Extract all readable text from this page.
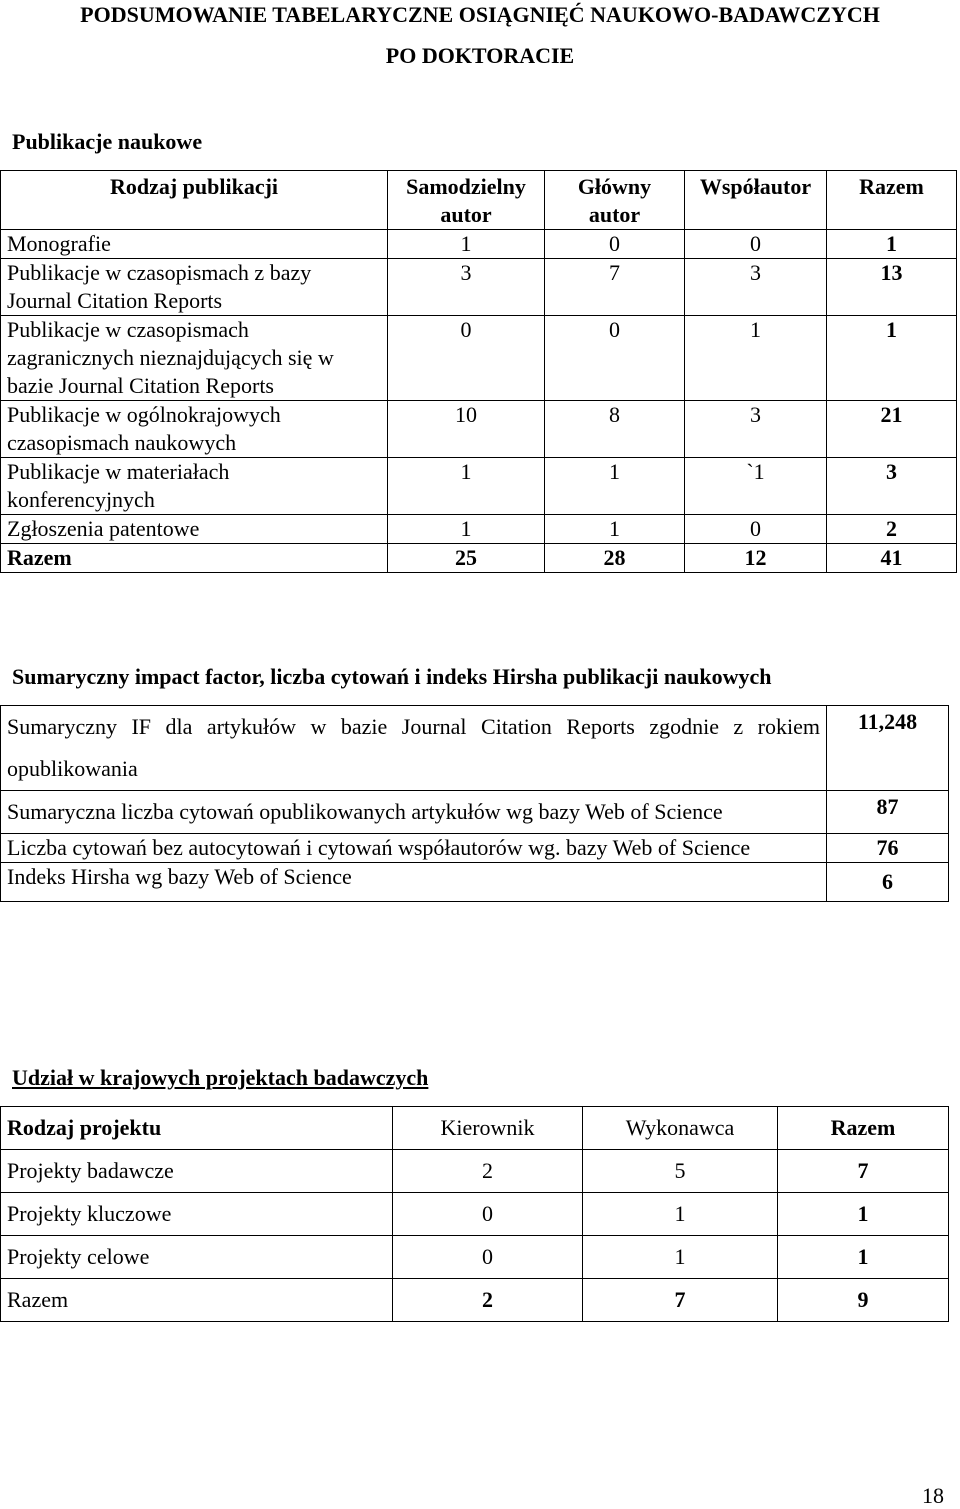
PODSUMOWANIE TABELARYCZNE OSIĄGNIĘĆ NAUKOWO-BADAWCZYCH
PO DOKTORACIE
Publikacje naukowe
Rodzaj publikacji	Samodzielny autor	Główny autor	Współautor	Razem
Monografie	1	0	0	1
Publikacje w czasopismach z bazy Journal Citation Reports	3	7	3	13
Publikacje w czasopismach zagranicznych nieznajdujących się w bazie Journal Citation Reports	0	0	1	1
Publikacje w ogólnokrajowych czasopismach naukowych	10	8	3	21
Publikacje w materiałach konferencyjnych	1	1	`1	3
Zgłoszenia patentowe	1	1	0	2
Razem	25	28	12	41
Sumaryczny impact factor, liczba cytowań i indeks Hirsha publikacji naukowych
Sumaryczny IF dla artykułów w bazie Journal Citation Reports zgodnie z rokiem opublikowania	11,248
Sumaryczna liczba cytowań opublikowanych artykułów wg bazy Web of Science	87
Liczba cytowań bez autocytowań i cytowań współautorów wg. bazy Web of Science	76
Indeks Hirsha wg bazy Web of Science	6
Udział w krajowych projektach badawczych
Rodzaj projektu	Kierownik	Wykonawca	Razem
Projekty badawcze	2	5	7
Projekty kluczowe	0	1	1
Projekty celowe	0	1	1
Razem	2	7	9
18
